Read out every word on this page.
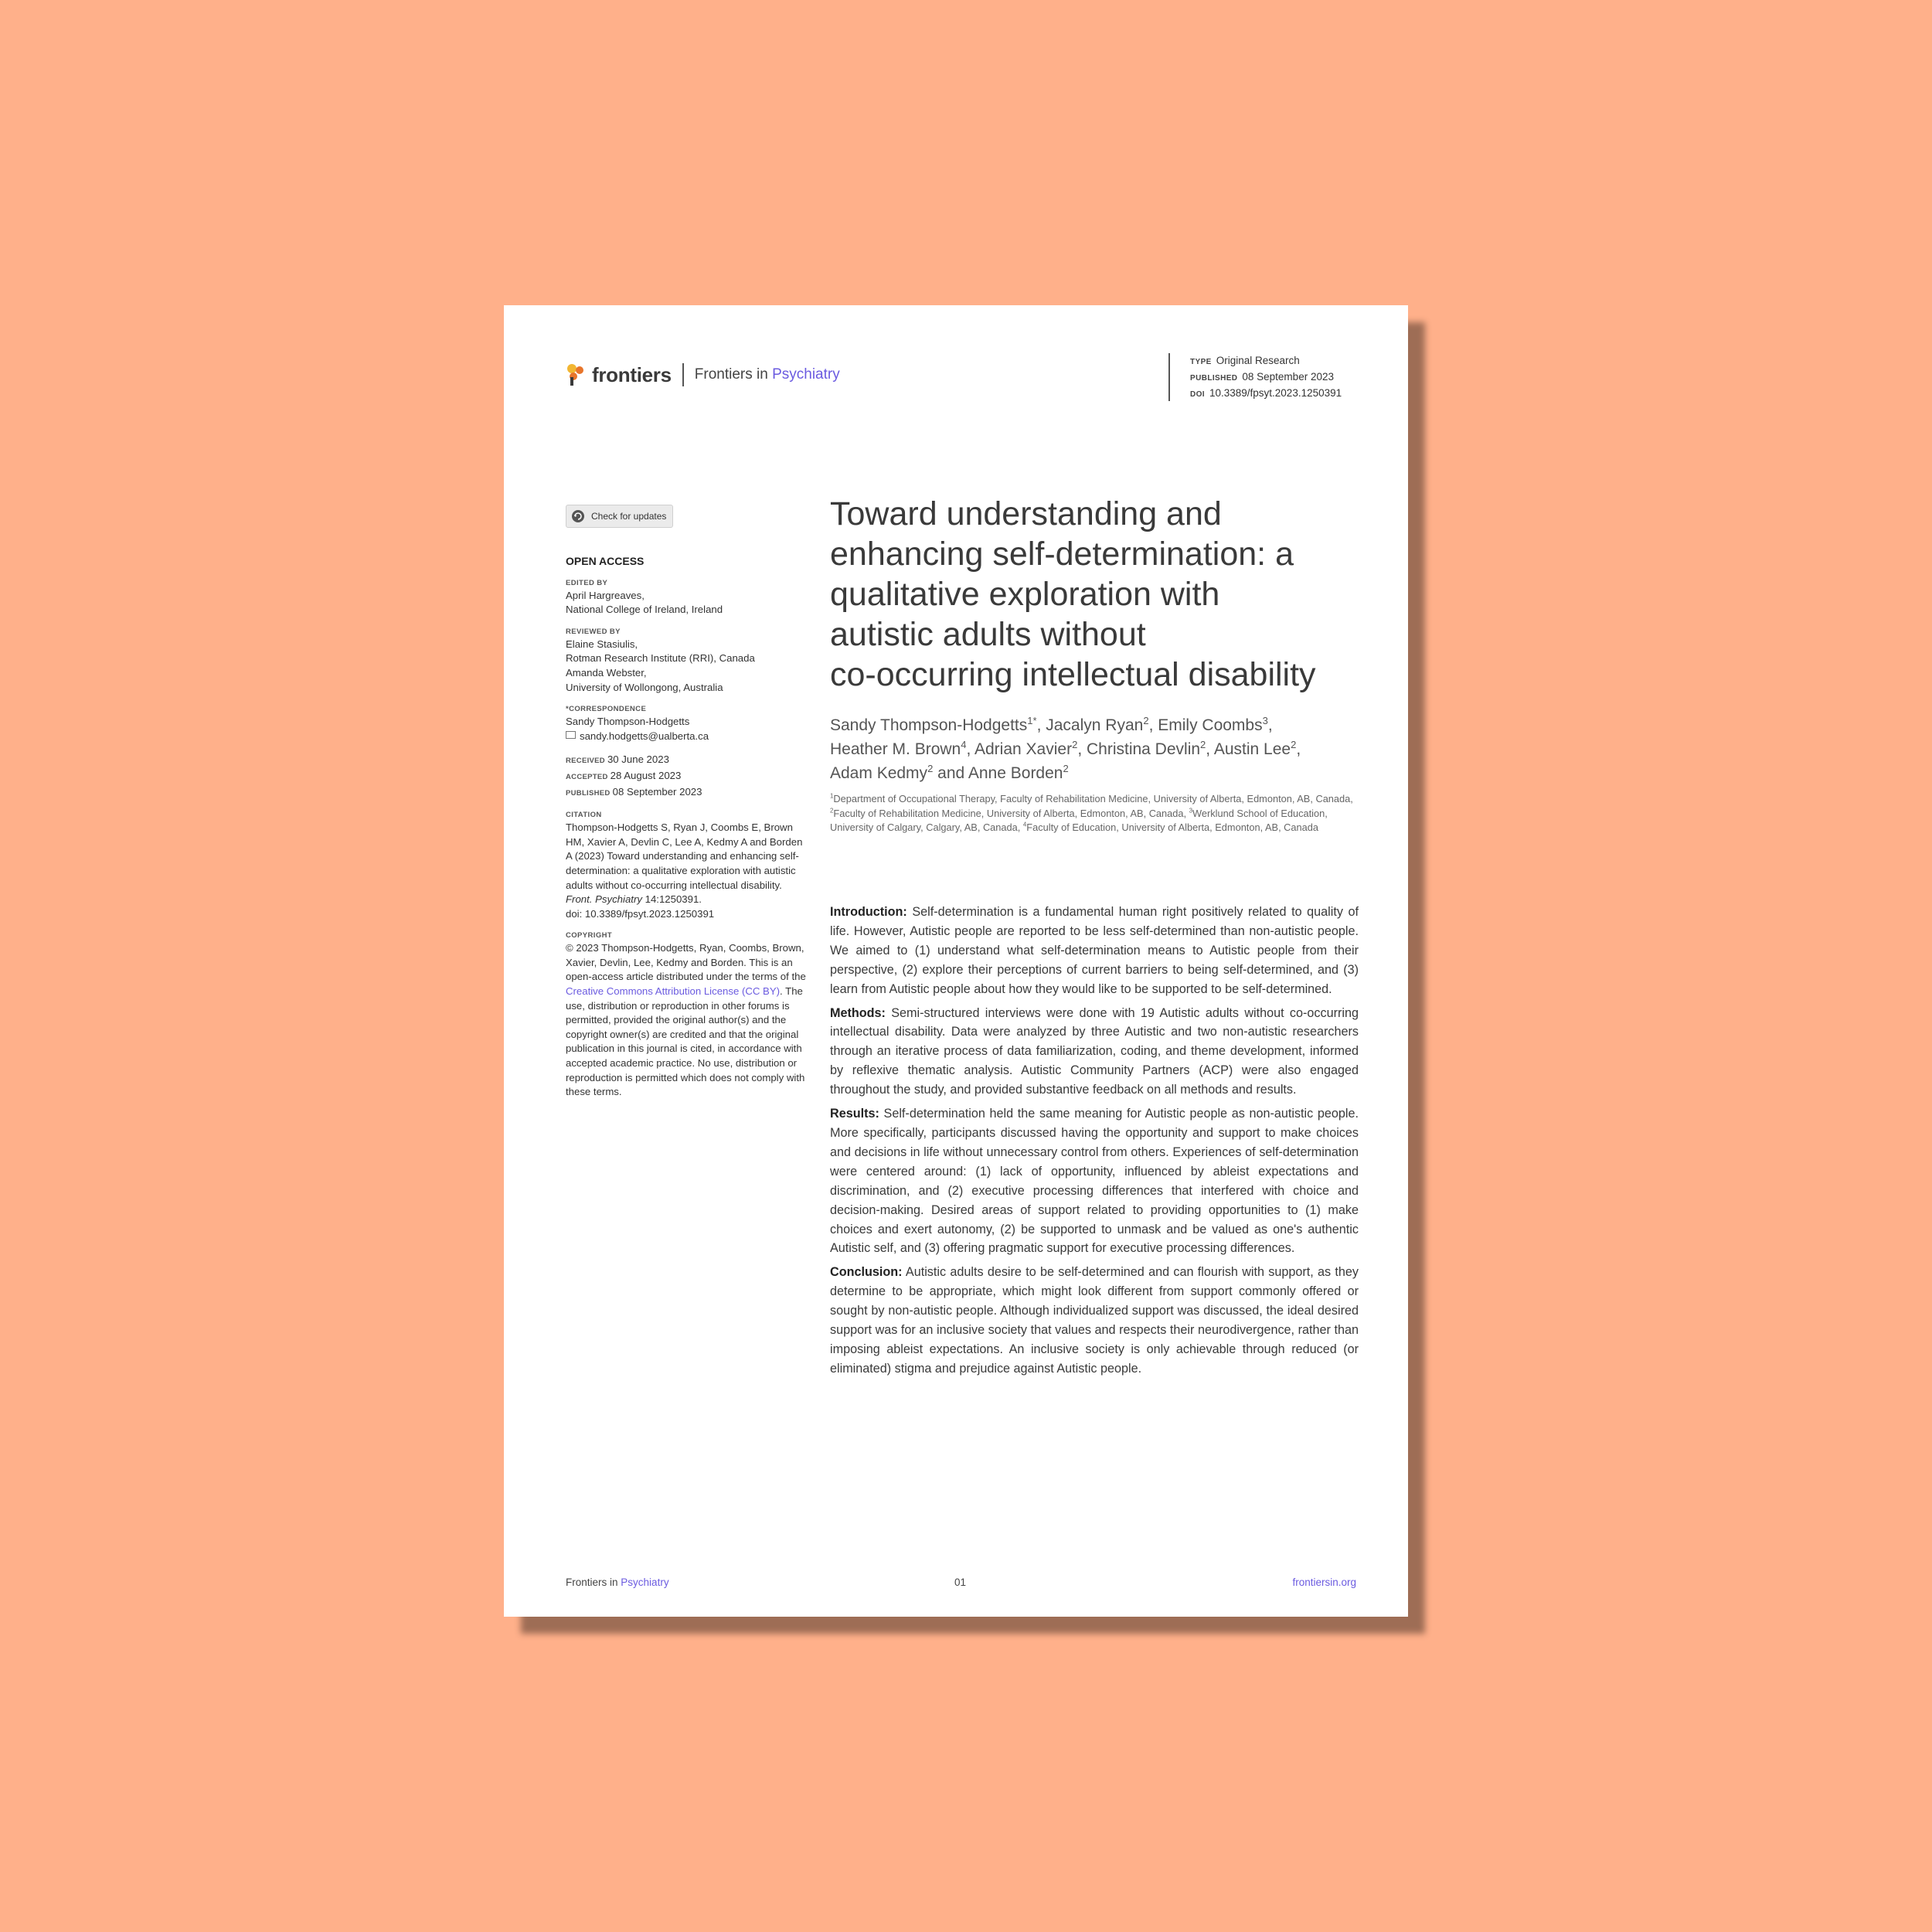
frontiers Frontiers in Psychiatry
TYPE Original Research
PUBLISHED 08 September 2023
DOI 10.3389/fpsyt.2023.1250391
Check for updates
OPEN ACCESS
EDITED BY
April Hargreaves,
National College of Ireland, Ireland
REVIEWED BY
Elaine Stasiulis,
Rotman Research Institute (RRI), Canada
Amanda Webster,
University of Wollongong, Australia
*CORRESPONDENCE
Sandy Thompson-Hodgetts
sandy.hodgetts@ualberta.ca
RECEIVED 30 June 2023
ACCEPTED 28 August 2023
PUBLISHED 08 September 2023
CITATION
Thompson-Hodgetts S, Ryan J, Coombs E, Brown HM, Xavier A, Devlin C, Lee A, Kedmy A and Borden A (2023) Toward understanding and enhancing self-determination: a qualitative exploration with autistic adults without co-occurring intellectual disability.
Front. Psychiatry 14:1250391.
doi: 10.3389/fpsyt.2023.1250391
COPYRIGHT
© 2023 Thompson-Hodgetts, Ryan, Coombs, Brown, Xavier, Devlin, Lee, Kedmy and Borden. This is an open-access article distributed under the terms of the Creative Commons Attribution License (CC BY). The use, distribution or reproduction in other forums is permitted, provided the original author(s) and the copyright owner(s) are credited and that the original publication in this journal is cited, in accordance with accepted academic practice. No use, distribution or reproduction is permitted which does not comply with these terms.
Toward understanding and
enhancing self-determination: a
qualitative exploration with
autistic adults without
co-occurring intellectual disability
Sandy Thompson-Hodgetts$^{1*}$, Jacalyn Ryan$^2$, Emily Coombs$^3$,
Heather M. Brown$^4$, Adrian Xavier$^2$, Christina Devlin$^2$, Austin Lee$^2$,
Adam Kedmy$^2$ and Anne Borden$^2$
$^1$Department of Occupational Therapy, Faculty of Rehabilitation Medicine, University of Alberta, Edmonton, AB, Canada, $^2$Faculty of Rehabilitation Medicine, University of Alberta, Edmonton, AB, Canada, $^3$Werklund School of Education, University of Calgary, Calgary, AB, Canada, $^4$Faculty of Education, University of Alberta, Edmonton, AB, Canada

Introduction: Self-determination is a fundamental human right positively related to quality of life. However, Autistic people are reported to be less self-determined than non-autistic people. We aimed to (1) understand what self-determination means to Autistic people from their perspective, (2) explore their perceptions of current barriers to being self-determined, and (3) learn from Autistic people about how they would like to be supported to be self-determined.

Methods: Semi-structured interviews were done with 19 Autistic adults without co-occurring intellectual disability. Data were analyzed by three Autistic and two non-autistic researchers through an iterative process of data familiarization, coding, and theme development, informed by reflexive thematic analysis. Autistic Community Partners (ACP) were also engaged throughout the study, and provided substantive feedback on all methods and results.

Results: Self-determination held the same meaning for Autistic people as non-autistic people. More specifically, participants discussed having the opportunity and support to make choices and decisions in life without unnecessary control from others. Experiences of self-determination were centered around: (1) lack of opportunity, influenced by ableist expectations and discrimination, and (2) executive processing differences that interfered with choice and decision-making. Desired areas of support related to providing opportunities to (1) make choices and exert autonomy, (2) be supported to unmask and be valued as one's authentic Autistic self, and (3) offering pragmatic support for executive processing differences.

Conclusion: Autistic adults desire to be self-determined and can flourish with support, as they determine to be appropriate, which might look different from support commonly offered or sought by non-autistic people. Although individualized support was discussed, the ideal desired support was for an inclusive society that values and respects their neurodivergence, rather than imposing ableist expectations. An inclusive society is only achievable through reduced (or eliminated) stigma and prejudice against Autistic people.

Frontiers in Psychiatry	01	frontiersin.org
